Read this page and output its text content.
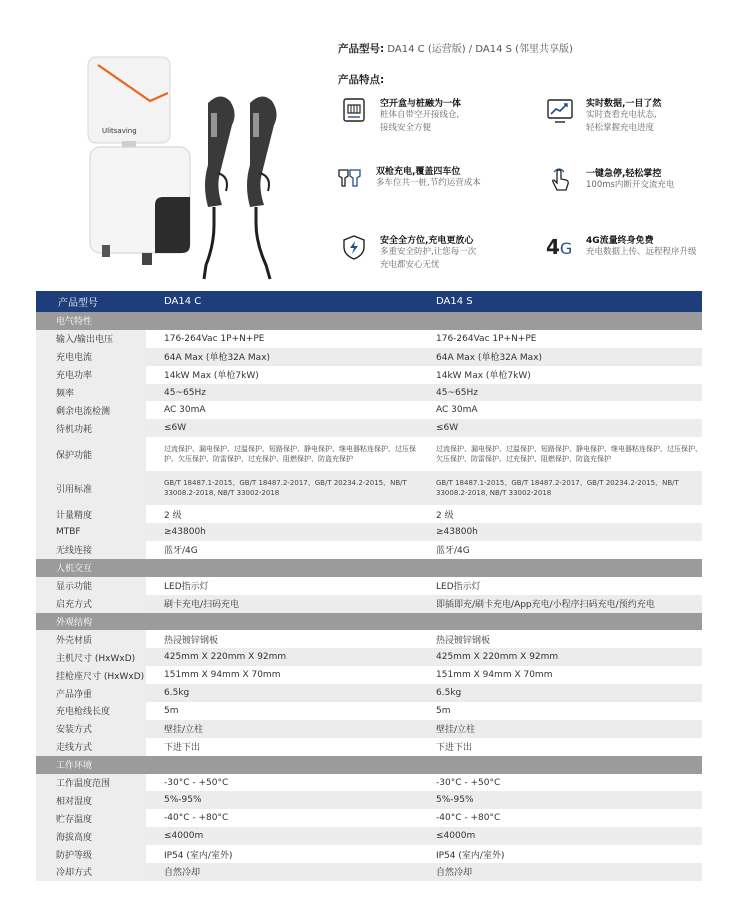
Ulitsaving
产品型号: DA14 C (运营版) / DA14 S (邻里共享版)
产品特点:
空开盒与桩融为一体
桩体自带空开接线仓,
接线安全方便
实时数据,一目了然
实时查看充电状态,
轻松掌握充电进度
双枪充电,覆盖四车位
多车位共一桩,节约运营成本
一键急停,轻松掌控
100ms内断开交流充电
安全全方位,充电更放心
多重安全防护,让您每一次
充电都安心无忧
4G 4G流量终身免费
充电数据上传、远程程序升级
产品型号	DA14 C	DA14 S
电气特性		
输入/输出电压	176-264Vac 1P+N+PE	176-264Vac 1P+N+PE
充电电流	64A Max (单枪32A Max)	64A Max (单枪32A Max)
充电功率	14kW Max (单枪7kW)	14kW Max (单枪7kW)
频率	45~65Hz	45~65Hz
剩余电流检测	AC 30mA	AC 30mA
待机功耗	≤6W	≤6W
保护功能	过流保护、漏电保护、过温保护、短路保护、静电保护、继电器粘连保护、过压保护、欠压保护、防雷保护、过充保护、阻燃保护、防盗充保护	过流保护、漏电保护、过温保护、短路保护、静电保护、继电器粘连保护、过压保护、欠压保护、防雷保护、过充保护、阻燃保护、防盗充保护
引用标准	GB/T 18487.1-2015、GB/T 18487.2-2017、GB/T 20234.2-2015、NB/T 33008.2-2018, NB/T 33002-2018	GB/T 18487.1-2015、GB/T 18487.2-2017、GB/T 20234.2-2015、NB/T 33008.2-2018, NB/T 33002-2018
计量精度	2 级	2 级
MTBF	≥43800h	≥43800h
无线连接	蓝牙/4G	蓝牙/4G
人机交互		
显示功能	LED指示灯	LED指示灯
启充方式	刷卡充电/扫码充电	即插即充/刷卡充电/App充电/小程序扫码充电/预约充电
外观结构		
外壳材质	热浸镀锌钢板	热浸镀锌钢板
主机尺寸 (HxWxD)	425mm X 220mm X 92mm	425mm X 220mm X 92mm
挂枪座尺寸 (HxWxD)	151mm X 94mm X 70mm	151mm X 94mm X 70mm
产品净重	6.5kg	6.5kg
充电枪线长度	5m	5m
安装方式	壁挂/立柱	壁挂/立柱
走线方式	下进下出	下进下出
工作环境		
工作温度范围	-30°C - +50°C	-30°C - +50°C
相对湿度	5%-95%	5%-95%
贮存温度	-40°C - +80°C	-40°C - +80°C
海拔高度	≤4000m	≤4000m
防护等级	IP54 (室内/室外)	IP54 (室内/室外)
冷却方式	自然冷却	自然冷却
